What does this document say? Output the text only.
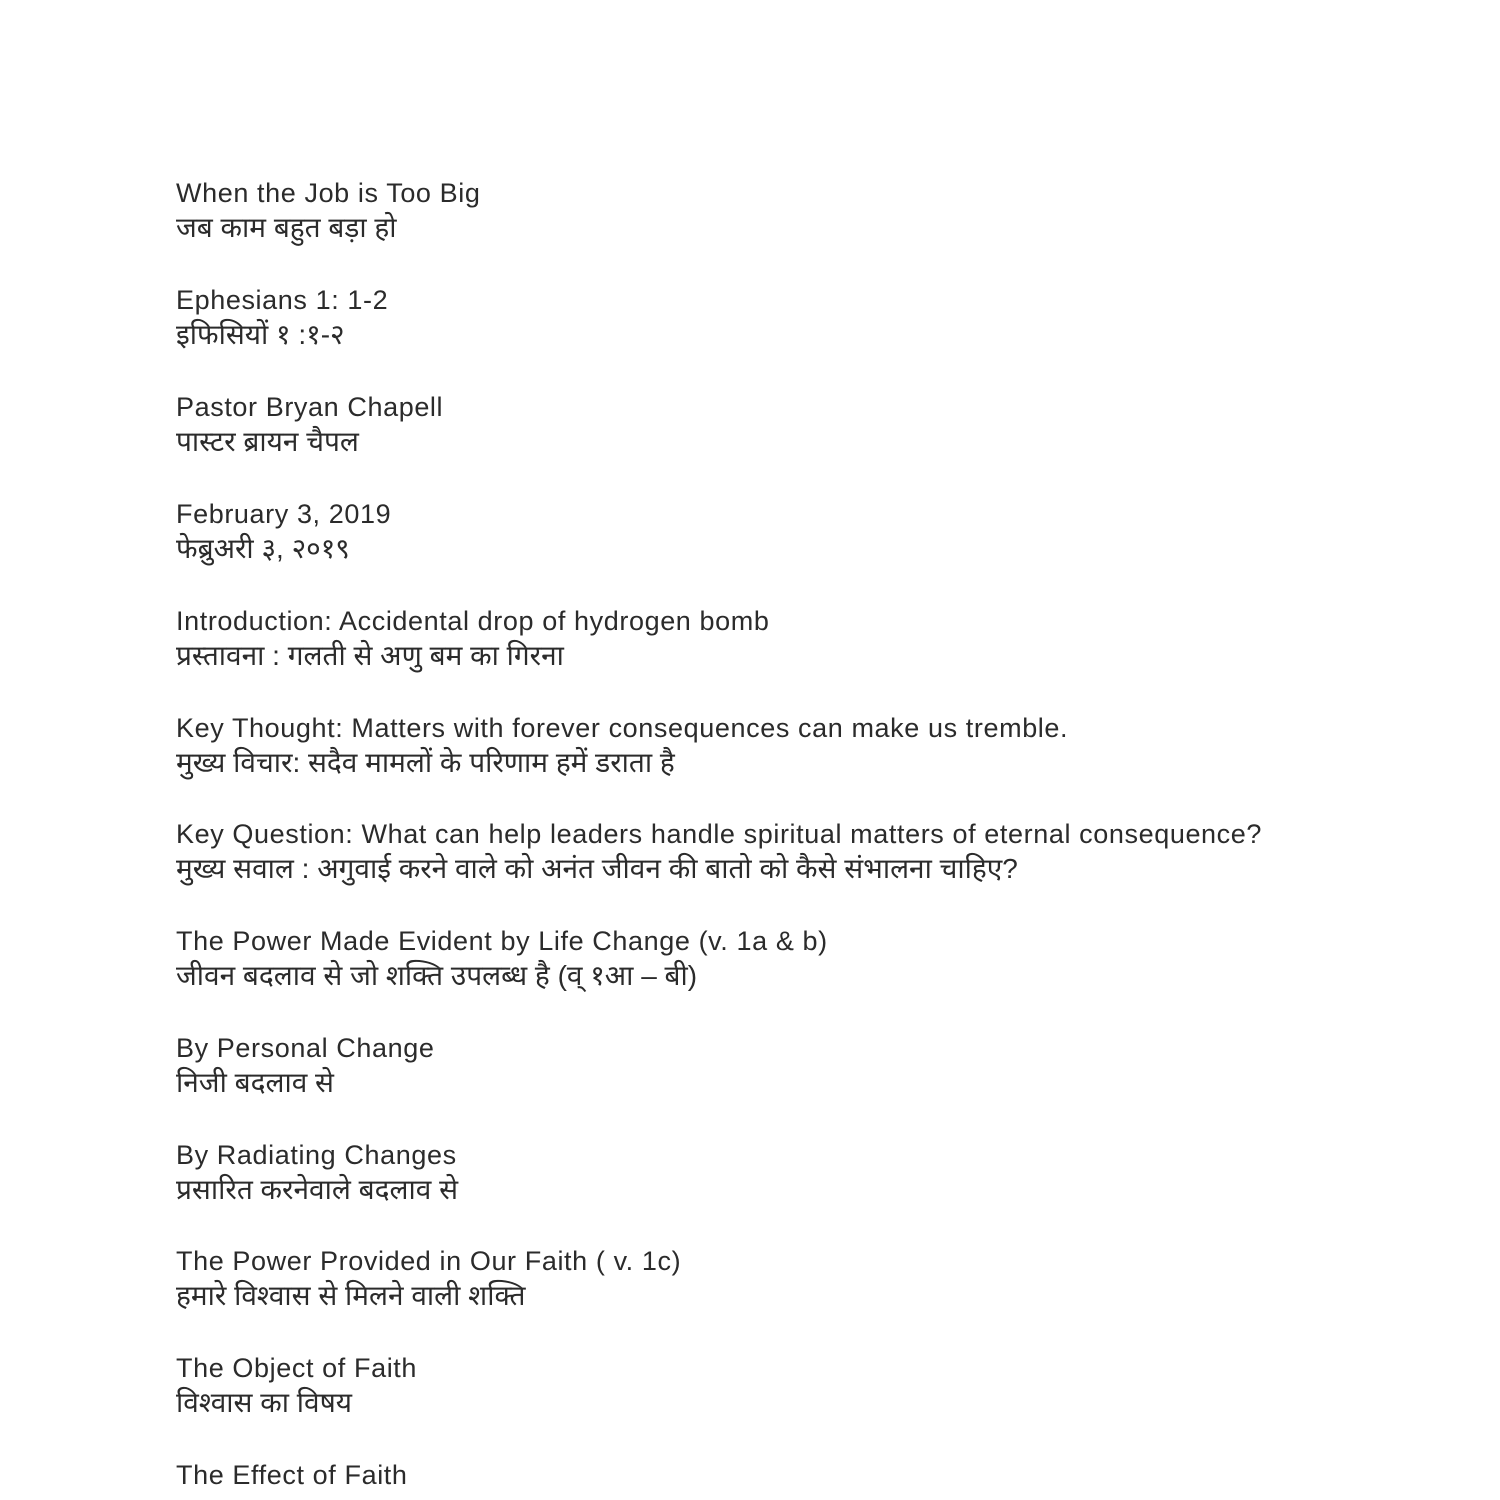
When the Job is Too Big
जब काम बहुत बड़ा हो
Ephesians 1: 1-2
इफिसियों १ :१-२
Pastor Bryan Chapell
पास्टर ब्रायन चैपल
February 3, 2019
फेब्रुअरी ३, २०१९
Introduction: Accidental drop of hydrogen bomb
प्रस्तावना : गलती से अणु बम का गिरना
Key Thought: Matters with forever consequences can make us tremble.
मुख्य विचार: सदैव मामलों के परिणाम हमें डराता है
Key Question: What can help leaders handle spiritual matters of eternal consequence?
मुख्य सवाल : अगुवाई करने वाले को अनंत जीवन की बातो को कैसे संभालना चाहिए?
The Power Made Evident by Life Change (v. 1a & b)
जीवन बदलाव से जो शक्ति उपलब्ध है (व् १आ – बी)
By Personal Change
निजी बदलाव से
By Radiating Changes
प्रसारित करनेवाले बदलाव से
The Power Provided in Our Faith ( v. 1c)
हमारे विश्वास से मिलने वाली शक्ति
The Object of Faith
विश्वास का विषय
The Effect of Faith
